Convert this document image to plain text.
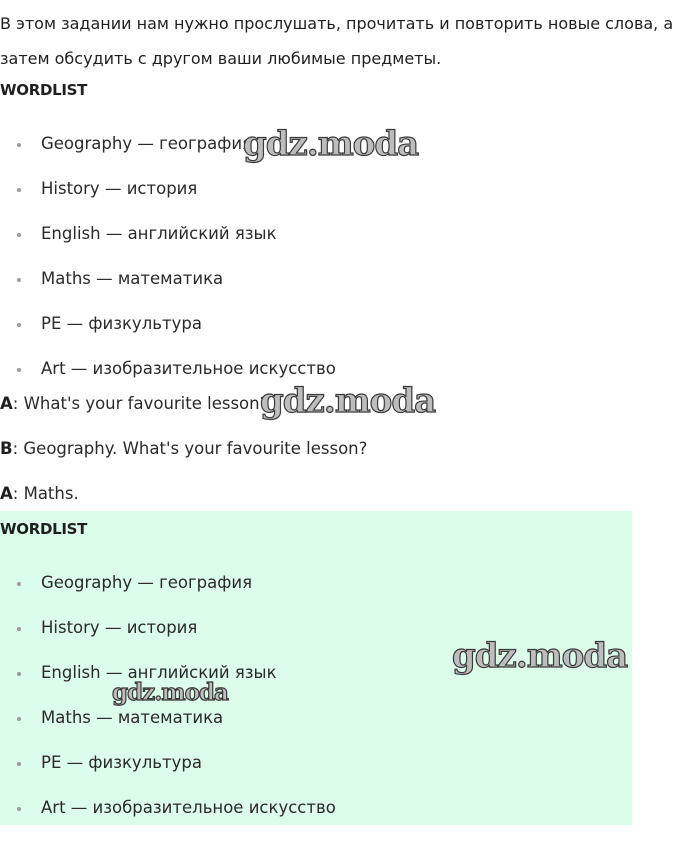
В этом задании нам нужно прослушать, прочитать и повторить новые слова, а затем обсудить с другом ваши любимые предметы.

WORDLIST
Geography — география
History — история
English — английский язык
Maths — математика
PE — физкультура
Art — изобразительное искусство

A: What's your favourite lesson?

B: Geography. What's your favourite lesson?

A: Maths.

WORDLIST
Geography — география
History — история
English — английский язык
Maths — математика
PE — физкультура
Art — изобразительное искусство
gdz.moda
gdz.moda
gdz.moda
gdz.moda
